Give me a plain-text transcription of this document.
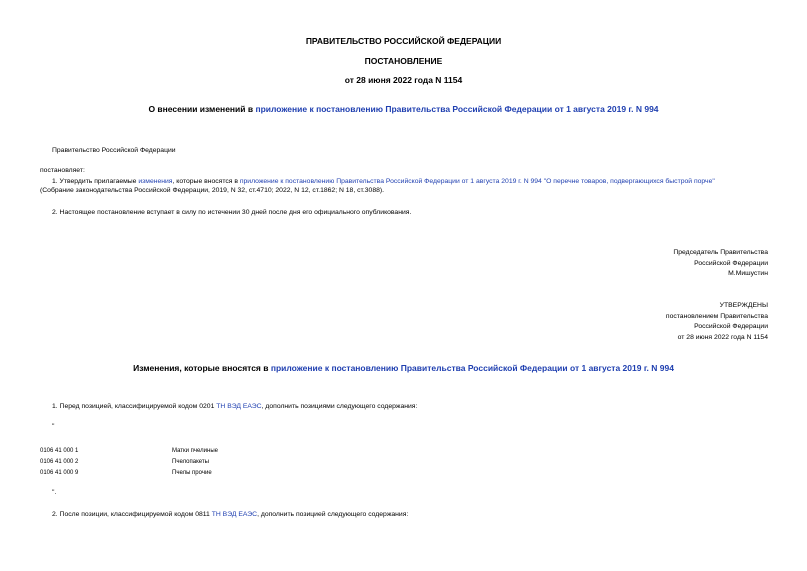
ПРАВИТЕЛЬСТВО РОССИЙСКОЙ ФЕДЕРАЦИИ
ПОСТАНОВЛЕНИЕ
от 28 июня 2022 года N 1154
О внесении изменений в приложение к постановлению Правительства Российской Федерации от 1 августа 2019 г. N 994
Правительство Российской Федерации
постановляет:
1. Утвердить прилагаемые изменения, которые вносятся в приложение к постановлению Правительства Российской Федерации от 1 августа 2019 г. N 994 "О перечне товаров, подвергающихся быстрой порче"
(Собрание законодательства Российской Федерации, 2019, N 32, ст.4710; 2022, N 12, ст.1862; N 18, ст.3088).
2. Настоящее постановление вступает в силу по истечении 30 дней после дня его официального опубликования.
Председатель Правительства
Российской Федерации
М.Мишустин
УТВЕРЖДЕНЫ
постановлением Правительства
Российской Федерации
от 28 июня 2022 года N 1154
Изменения, которые вносятся в приложение к постановлению Правительства Российской Федерации от 1 августа 2019 г. N 994
1. Перед позицией, классифицируемой кодом 0201 ТН ВЭД ЕАЭС, дополнить позициями следующего содержания:
"
0106 41 000 1	Матки пчелиные
0106 41 000 2	Пчелопакеты
0106 41 000 9	Пчелы прочие
".
2. После позиции, классифицируемой кодом 0811 ТН ВЭД ЕАЭС, дополнить позицией следующего содержания:
